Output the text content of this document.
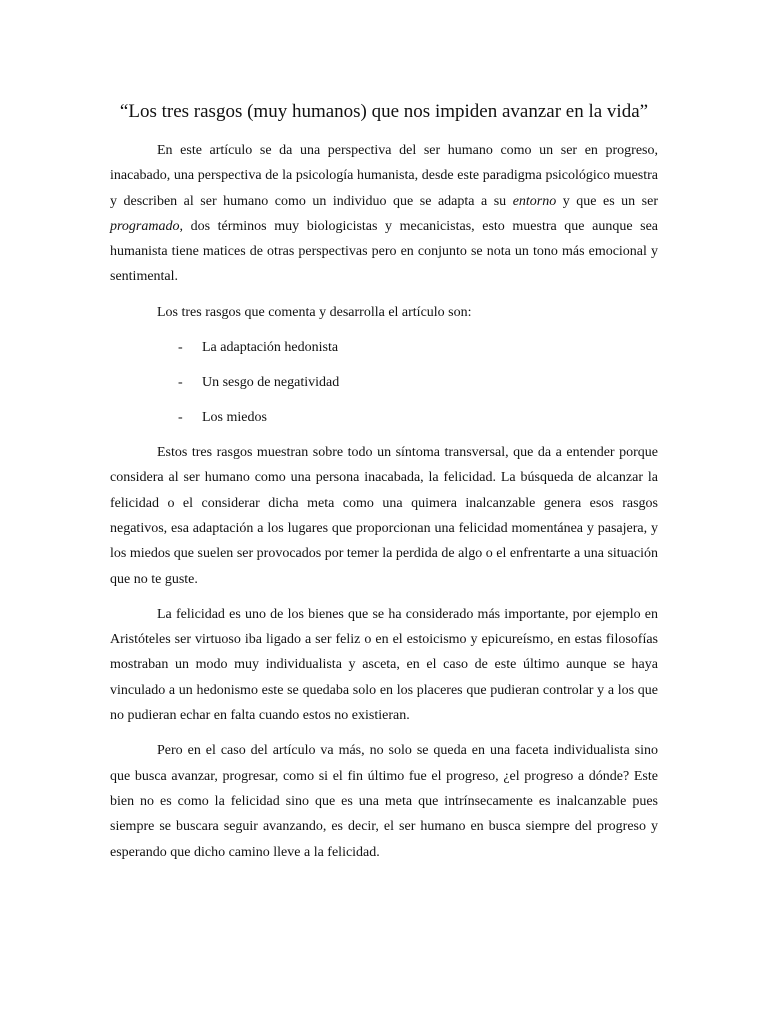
“Los tres rasgos (muy humanos) que nos impiden avanzar en la vida”

En este artículo se da una perspectiva del ser humano como un ser en progreso, inacabado, una perspectiva de la psicología humanista, desde este paradigma psicológico muestra y describen al ser humano como un individuo que se adapta a su entorno y que es un ser programado, dos términos muy biologicistas y mecanicistas, esto muestra que aunque sea humanista tiene matices de otras perspectivas pero en conjunto se nota un tono más emocional y sentimental.

Los tres rasgos que comenta y desarrolla el artículo son:

- La adaptación hedonista
- Un sesgo de negatividad
- Los miedos

Estos tres rasgos muestran sobre todo un síntoma transversal, que da a entender porque considera al ser humano como una persona inacabada, la felicidad. La búsqueda de alcanzar la felicidad o el considerar dicha meta como una quimera inalcanzable genera esos rasgos negativos, esa adaptación a los lugares que proporcionan una felicidad momentánea y pasajera, y los miedos que suelen ser provocados por temer la perdida de algo o el enfrentarte a una situación que no te guste.

La felicidad es uno de los bienes que se ha considerado más importante, por ejemplo en Aristóteles ser virtuoso iba ligado a ser feliz o en el estoicismo y epicureísmo, en estas filosofías mostraban un modo muy individualista y asceta, en el caso de este último aunque se haya vinculado a un hedonismo este se quedaba solo en los placeres que pudieran controlar y a los que no pudieran echar en falta cuando estos no existieran.

Pero en el caso del artículo va más, no solo se queda en una faceta individualista sino que busca avanzar, progresar, como si el fin último fue el progreso, ¿el progreso a dónde? Este bien no es como la felicidad sino que es una meta que intrínsecamente es inalcanzable pues siempre se buscara seguir avanzando, es decir, el ser humano en busca siempre del progreso y esperando que dicho camino lleve a la felicidad.
